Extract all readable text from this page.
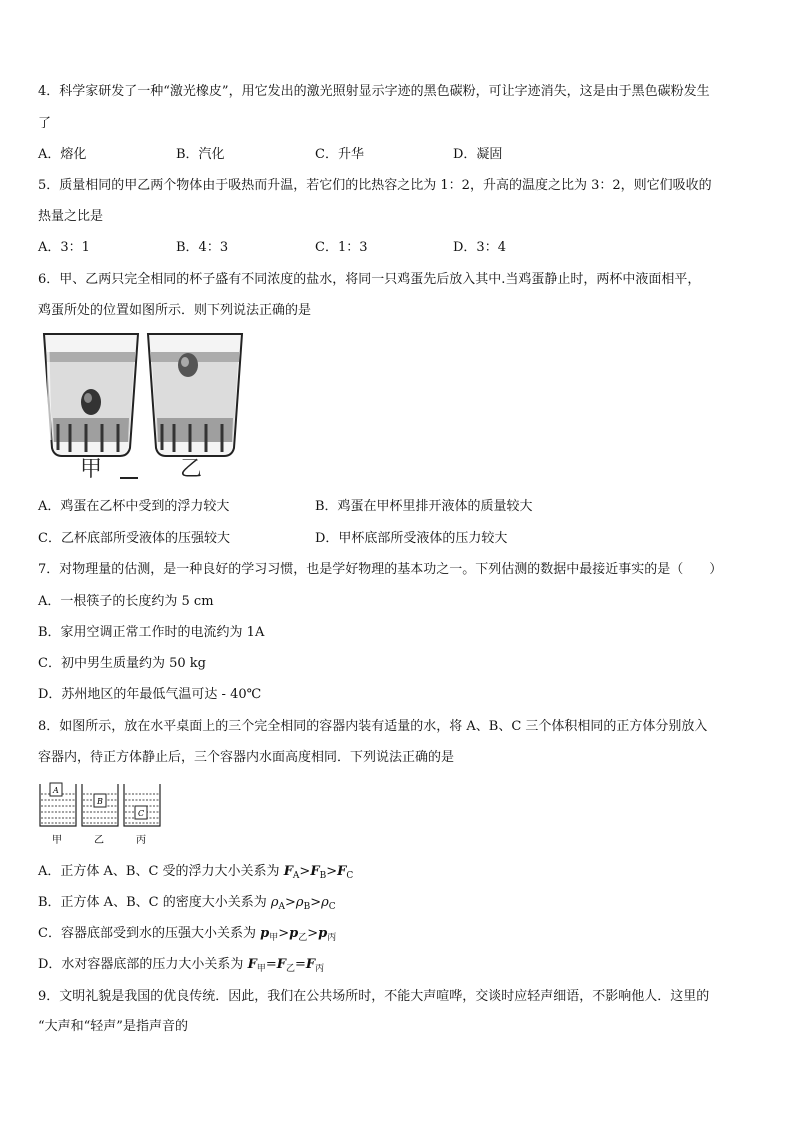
4．科学家研发了一种“激光橡皮”，用它发出的激光照射显示字迹的黑色碳粉，可让字迹消失，这是由于黑色碳粉发生
了
A．熔化	B．汽化	C．升华	D．凝固
5．质量相同的甲乙两个物体由于吸热而升温，若它们的比热容之比为 1：2，升高的温度之比为 3：2，则它们吸收的
热量之比是
A．3：1	B．4：3	C．1：3	D．3：4
6．甲、乙两只完全相同的杯子盛有不同浓度的盐水，将同一只鸡蛋先后放入其中.当鸡蛋静止时，两杯中液面相平，
鸡蛋所处的位置如图所示．则下列说法正确的是
甲	乙
A．鸡蛋在乙杯中受到的浮力较大	B．鸡蛋在甲杯里排开液体的质量较大
C．乙杯底部所受液体的压强较大	D．甲杯底部所受液体的压力较大
7．对物理量的估测，是一种良好的学习习惯，也是学好物理的基本功之一。下列估测的数据中最接近事实的是（　　）
A．一根筷子的长度约为 5 cm
B．家用空调正常工作时的电流约为 1A
C．初中男生质量约为 50 kg
D．苏州地区的年最低气温可达 - 40℃
8．如图所示，放在水平桌面上的三个完全相同的容器内装有适量的水，将 A、B、C 三个体积相同的正方体分别放入
容器内，待正方体静止后，三个容器内水面高度相同．下列说法正确的是
A
B
C
甲	乙	丙
A．正方体 A、B、C 受的浮力大小关系为 $F_A>F_B>F_C$
B．正方体 A、B、C 的密度大小关系为 $\rho_A>\rho_B>\rho_C$
C．容器底部受到水的压强大小关系为 $p_甲>p_乙>p_丙$
D．水对容器底部的压力大小关系为 $F_甲=F_乙=F_丙$
9．文明礼貌是我国的优良传统．因此，我们在公共场所时，不能大声喧哗，交谈时应轻声细语，不影响他人．这里的
“大声和“轻声”是指声音的
